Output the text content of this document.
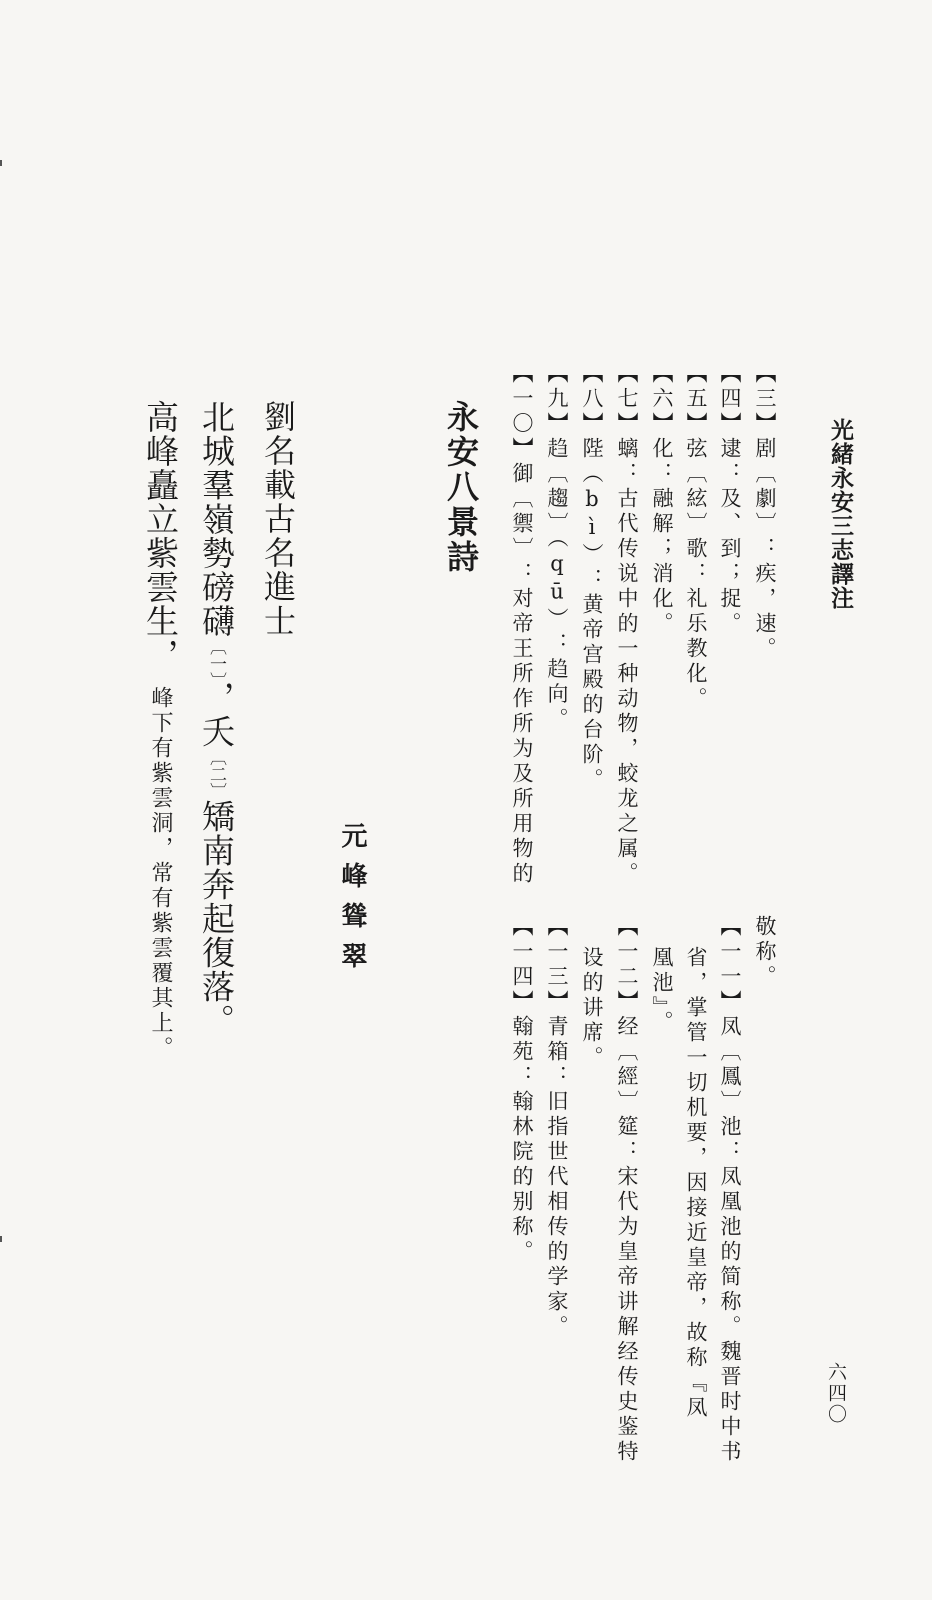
光緒永安三志譯注
六四〇
【三】剧〔劇〕：疾，速。
【四】逮：及、到；捉。
【五】弦〔絃〕歌：礼乐教化。
【六】化：融解；消化。
【七】螭：古代传说中的一种动物，蛟龙之属。
【八】陛（bì）：黄帝宫殿的台阶。
【九】趋〔趨〕（qū）：趋向。
【一〇】御〔禦〕：对帝王所作所为及所用物的
敬称。
【一一】凤〔鳳〕池：凤凰池的简称。魏晋时中书
省，掌管一切机要，因接近皇帝，故称『凤
凰池』。
【一二】经〔經〕筵：宋代为皇帝讲解经传史鉴特
设的讲席。
【一三】青箱：旧指世代相传的学家。
【一四】翰苑：翰林院的别称。
永安八景詩
元峰聳翠
劉名載古名進士
北城羣嶺勢磅礴〔一〕，夭〔二〕矯南奔起復落。
高峰矗立紫雲生，峰下有紫雲洞，常有紫雲覆其上。
